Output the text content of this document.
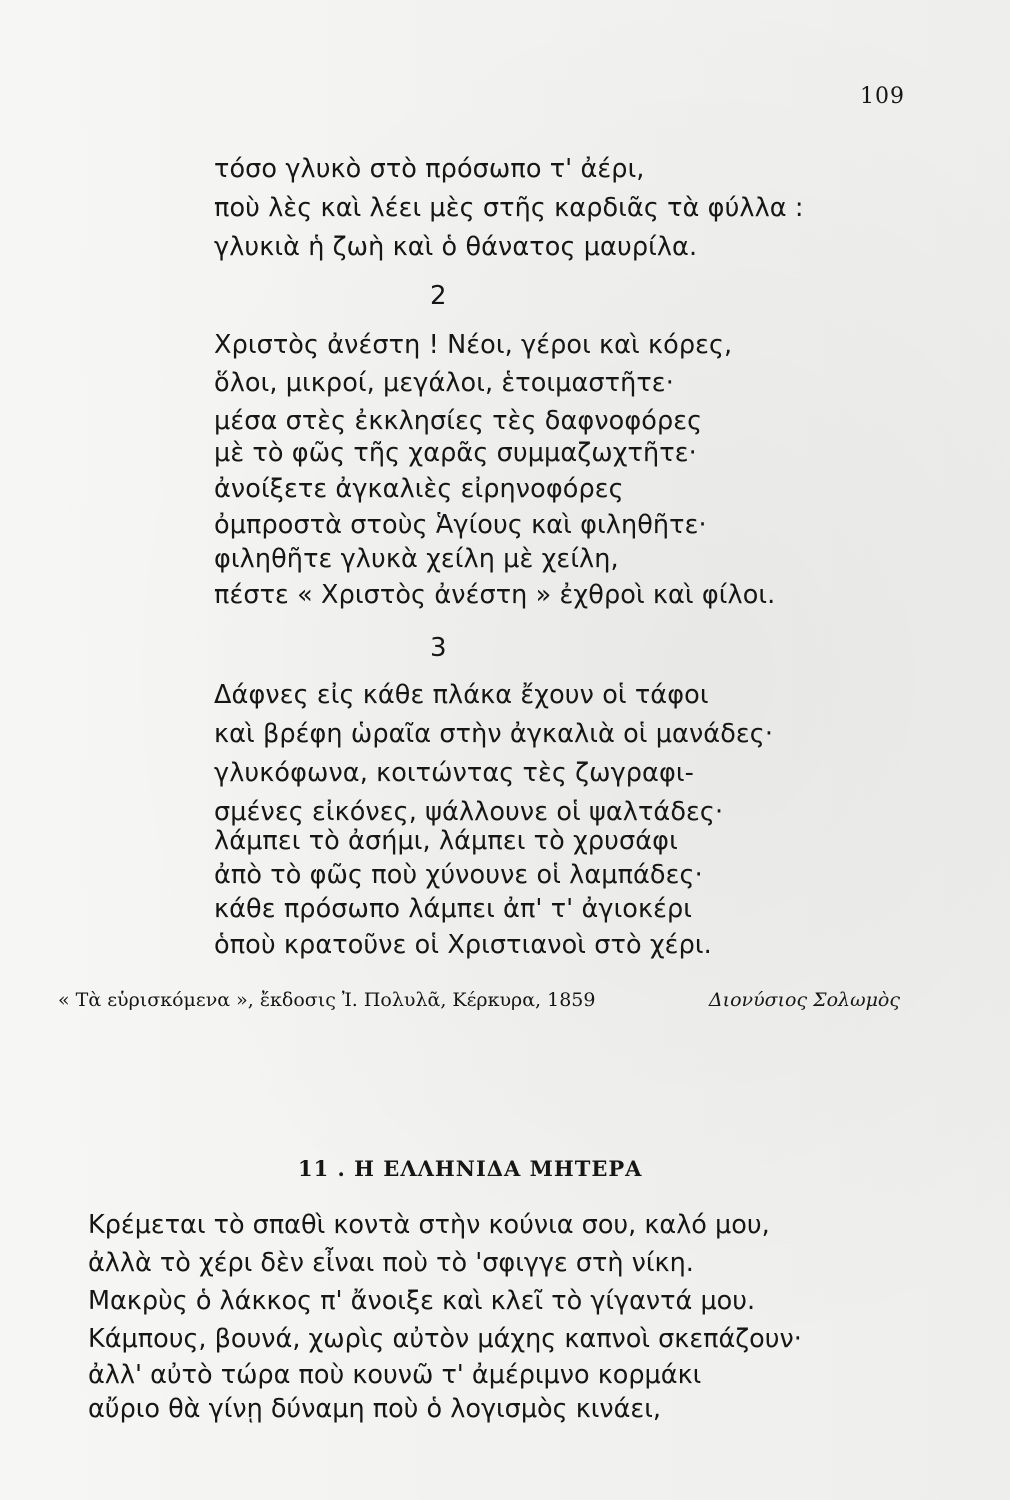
109
τόσο γλυκὸ στὸ πρόσωπο τ' ἀέρι,
ποὺ λὲς καὶ λέει μὲς στῆς καρδιᾶς τὰ φύλλα :
γλυκιὰ ἡ ζωὴ καὶ ὁ θάνατος μαυρίλα.
2
Χριστὸς ἀνέστη ! Νέοι, γέροι καὶ κόρες,
ὅλοι, μικροί, μεγάλοι, ἑτοιμαστῆτε·
μέσα στὲς ἐκκλησίες τὲς δαφνοφόρες
μὲ τὸ φῶς τῆς χαρᾶς συμμαζωχτῆτε·
ἀνοίξετε ἀγκαλιὲς εἰρηνοφόρες
ὀμπροστὰ στοὺς Ἁγίους καὶ φιληθῆτε·
φιληθῆτε γλυκὰ χείλη μὲ χείλη,
πέστε « Χριστὸς ἀνέστη » ἐχθροὶ καὶ φίλοι.
3
Δάφνες εἰς κάθε πλάκα ἔχουν οἱ τάφοι
καὶ βρέφη ὡραῖα στὴν ἀγκαλιὰ οἱ μανάδες·
γλυκόφωνα, κοιτώντας τὲς ζωγραφι-
σμένες εἰκόνες, ψάλλουνε οἱ ψαλτάδες·
λάμπει τὸ ἀσήμι, λάμπει τὸ χρυσάφι
ἀπὸ τὸ φῶς ποὺ χύνουνε οἱ λαμπάδες·
κάθε πρόσωπο λάμπει ἀπ' τ' ἀγιοκέρι
ὁποὺ κρατοῦνε οἱ Χριστιανοὶ στὸ χέρι.
« Τὰ εὑρισκόμενα », ἔκδοσις Ἰ. Πολυλᾶ, Κέρκυρα, 1859	Διονύσιος Σολωμὸς
11 . Η ΕΛΛΗΝΙΔΑ ΜΗΤΕΡΑ
Κρέμεται τὸ σπαθὶ κοντὰ στὴν κούνια σου, καλό μου,
ἀλλὰ τὸ χέρι δὲν εἶναι ποὺ τὸ 'σφιγγε στὴ νίκη.
Μακρὺς ὁ λάκκος π' ἄνοιξε καὶ κλεῖ τὸ γίγαντά μου.
Κάμπους, βουνά, χωρὶς αὐτὸν μάχης καπνοὶ σκεπάζουν·
ἀλλ' αὐτὸ τώρα ποὺ κουνῶ τ' ἀμέριμνο κορμάκι
αὔριο θὰ γίνῃ δύναμη ποὺ ὁ λογισμὸς κινάει,
